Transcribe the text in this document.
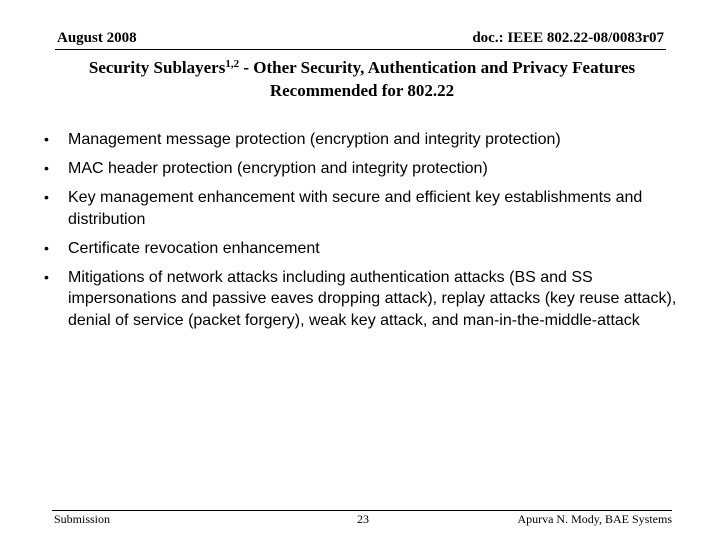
August 2008	doc.: IEEE 802.22-08/0083r07
Security Sublayers$^{1,2}$ - Other Security, Authentication and Privacy Features
Recommended for 802.22
•	Management message protection (encryption and integrity protection)
•	MAC header protection (encryption and integrity protection)
•	Key management enhancement with secure and efficient key establishments and distribution
•	Certificate revocation enhancement
•	Mitigations of network attacks including authentication attacks (BS and SS impersonations and passive eaves dropping attack), replay attacks (key reuse attack), denial of service (packet forgery), weak key attack, and man-in-the-middle-attack
Submission	23	Apurva N. Mody, BAE Systems
